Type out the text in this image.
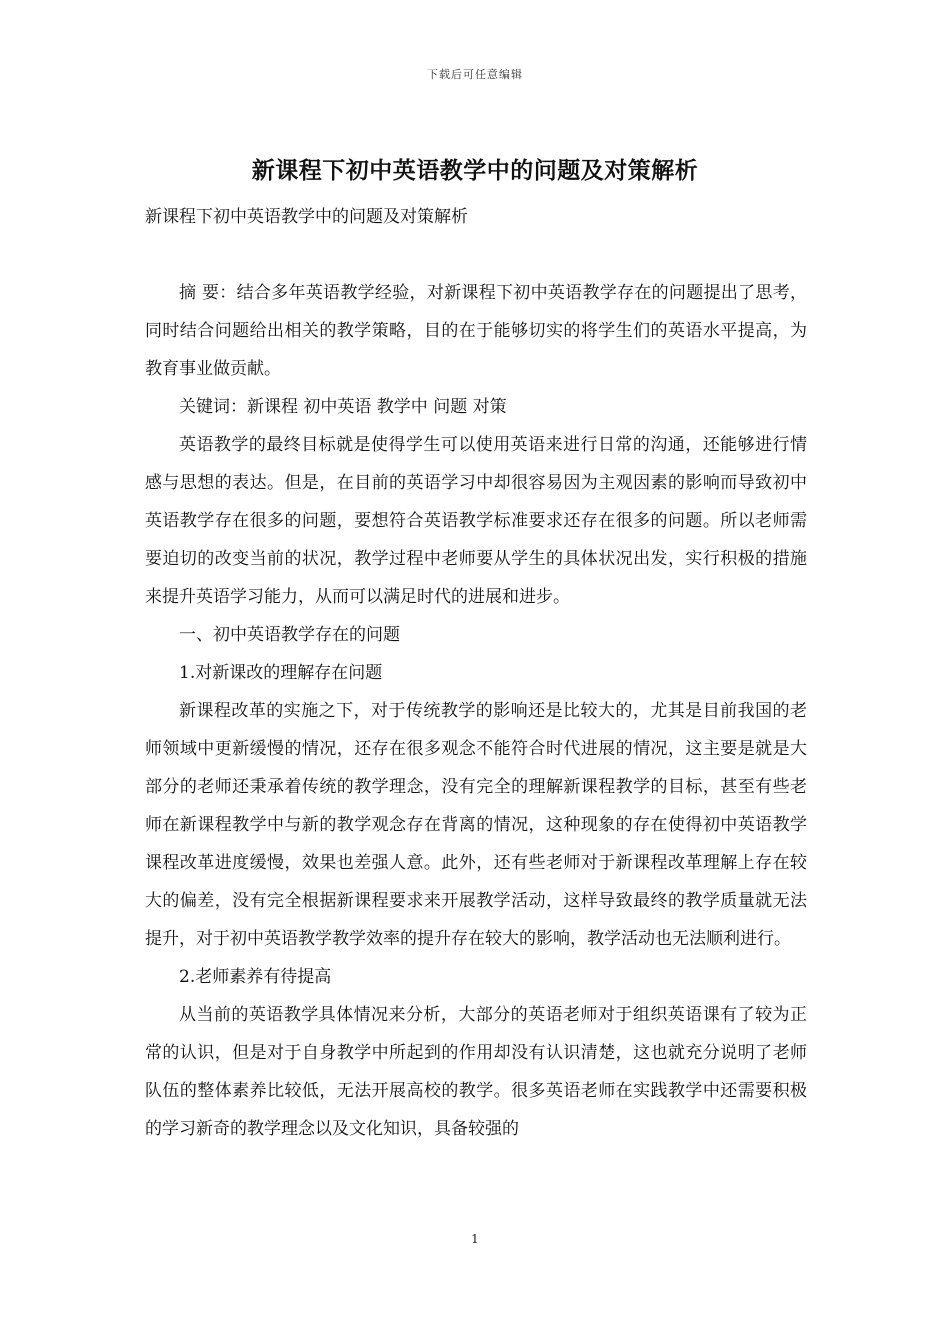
下载后可任意编辑
新课程下初中英语教学中的问题及对策解析

新课程下初中英语教学中的问题及对策解析

摘 要：结合多年英语教学经验，对新课程下初中英语教学存在的问题提出了思考，同时结合问题给出相关的教学策略，目的在于能够切实的将学生们的英语水平提高，为教育事业做贡献。

关键词：新课程 初中英语 教学中 问题 对策

英语教学的最终目标就是使得学生可以使用英语来进行日常的沟通，还能够进行情感与思想的表达。但是，在目前的英语学习中却很容易因为主观因素的影响而导致初中英语教学存在很多的问题，要想符合英语教学标准要求还存在很多的问题。所以老师需要迫切的改变当前的状况，教学过程中老师要从学生的具体状况出发，实行积极的措施来提升英语学习能力，从而可以满足时代的进展和进步。

一、初中英语教学存在的问题

1.对新课改的理解存在问题

新课程改革的实施之下，对于传统教学的影响还是比较大的，尤其是目前我国的老师领域中更新缓慢的情况，还存在很多观念不能符合时代进展的情况，这主要是就是大部分的老师还秉承着传统的教学理念，没有完全的理解新课程教学的目标，甚至有些老师在新课程教学中与新的教学观念存在背离的情况，这种现象的存在使得初中英语教学课程改革进度缓慢，效果也差强人意。此外，还有些老师对于新课程改革理解上存在较大的偏差，没有完全根据新课程要求来开展教学活动，这样导致最终的教学质量就无法提升，对于初中英语教学教学效率的提升存在较大的影响，教学活动也无法顺利进行。

2.老师素养有待提高

从当前的英语教学具体情况来分析，大部分的英语老师对于组织英语课有了较为正常的认识，但是对于自身教学中所起到的作用却没有认识清楚，这也就充分说明了老师队伍的整体素养比较低，无法开展高校的教学。很多英语老师在实践教学中还需要积极的学习新奇的教学理念以及文化知识，具备较强的

1
